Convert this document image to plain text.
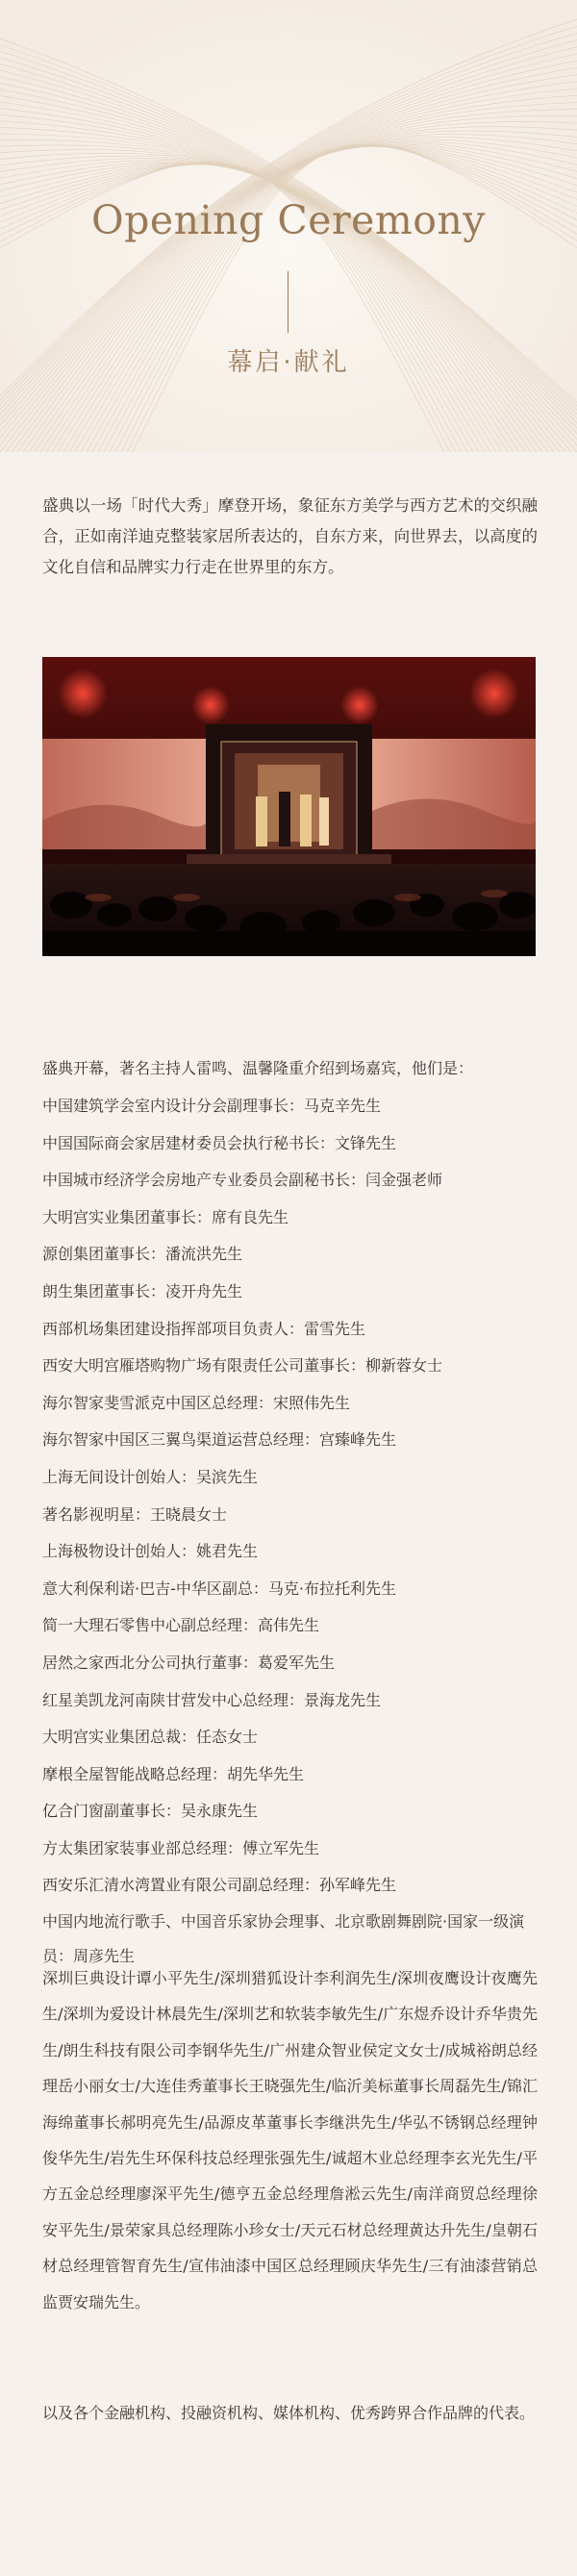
Opening Ceremony
幕启·献礼
盛典以一场「时代大秀」摩登开场，象征东方美学与西方艺术的交织融合，正如南洋迪克整装家居所表达的，自东方来，向世界去，以高度的文化自信和品牌实力行走在世界里的东方。
盛典开幕，著名主持人雷鸣、温馨隆重介绍到场嘉宾，他们是：
中国建筑学会室内设计分会副理事长：马克辛先生
中国国际商会家居建材委员会执行秘书长：文锋先生
中国城市经济学会房地产专业委员会副秘书长：闫金强老师
大明宫实业集团董事长：席有良先生
源创集团董事长：潘流洪先生
朗生集团董事长：凌开舟先生
西部机场集团建设指挥部项目负责人：雷雪先生
西安大明宫雁塔购物广场有限责任公司董事长：柳新蓉女士
海尔智家斐雪派克中国区总经理：宋照伟先生
海尔智家中国区三翼鸟渠道运营总经理：宫臻峰先生
上海无间设计创始人：吴滨先生
著名影视明星：王晓晨女士
上海极物设计创始人：姚君先生
意大利保利诺·巴吉-中华区副总：马克·布拉托利先生
简一大理石零售中心副总经理：高伟先生
居然之家西北分公司执行董事：葛爱军先生
红星美凯龙河南陕甘营发中心总经理：景海龙先生
大明宫实业集团总裁：任态女士
摩根全屋智能战略总经理：胡先华先生
亿合门窗副董事长：吴永康先生
方太集团家装事业部总经理：傅立军先生
西安乐汇清水湾置业有限公司副总经理：孙军峰先生
中国内地流行歌手、中国音乐家协会理事、北京歌剧舞剧院·国家一级演员：周彦先生
深圳巨典设计谭小平先生/深圳猎狐设计李利润先生/深圳夜鹰设计夜鹰先生/深圳为爱设计林晨先生/深圳艺和软装李敏先生/广东煜乔设计乔华贵先生/朗生科技有限公司李钢华先生/广州建众智业侯定文女士/成城裕朗总经理岳小丽女士/大连佳秀董事长王晓强先生/临沂美标董事长周磊先生/锦汇海绵董事长郝明亮先生/品源皮革董事长李继洪先生/华弘不锈钢总经理钟俊华先生/岩先生环保科技总经理张强先生/诚超木业总经理李玄光先生/平方五金总经理廖深平先生/德亨五金总经理詹淞云先生/南洋商贸总经理徐安平先生/景荣家具总经理陈小珍女士/天元石材总经理黄达升先生/皇朝石材总经理管智育先生/宣伟油漆中国区总经理顾庆华先生/三有油漆营销总监贾安瑞先生。
以及各个金融机构、投融资机构、媒体机构、优秀跨界合作品牌的代表。
